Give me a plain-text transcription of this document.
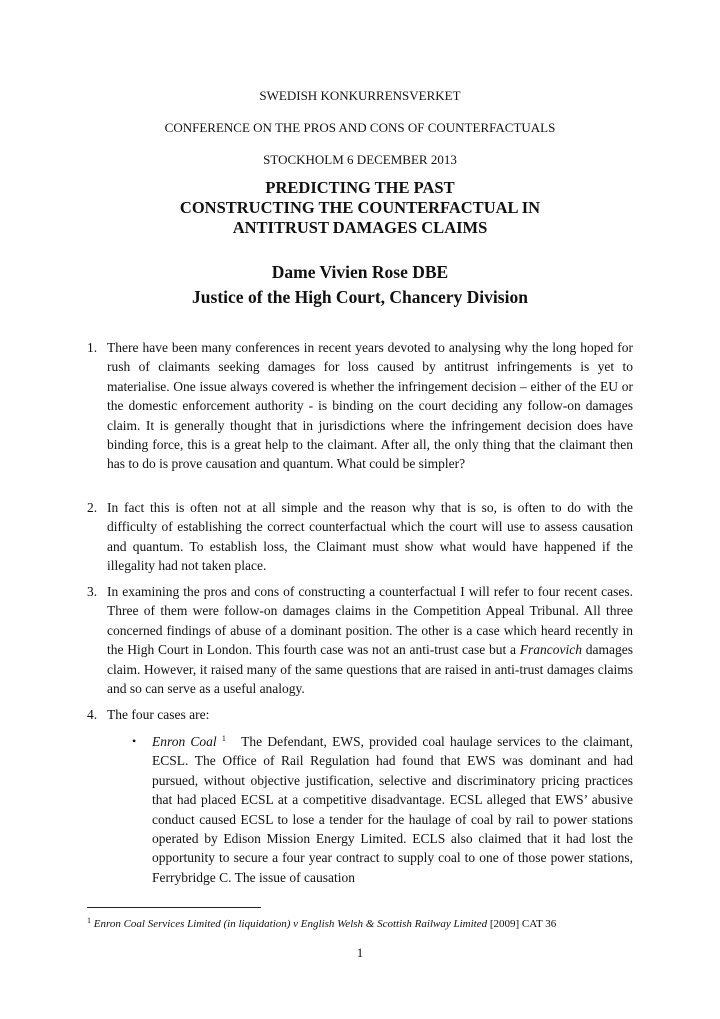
SWEDISH KONKURRENSVERKET
CONFERENCE ON THE PROS AND CONS OF COUNTERFACTUALS
STOCKHOLM 6 DECEMBER 2013
PREDICTING THE PAST
CONSTRUCTING THE COUNTERFACTUAL IN
ANTITRUST DAMAGES CLAIMS
Dame Vivien Rose DBE
Justice of the High Court, Chancery Division
1. There have been many conferences in recent years devoted to analysing why the long hoped for rush of claimants seeking damages for loss caused by antitrust infringements is yet to materialise. One issue always covered is whether the infringement decision – either of the EU or the domestic enforcement authority - is binding on the court deciding any follow-on damages claim. It is generally thought that in jurisdictions where the infringement decision does have binding force, this is a great help to the claimant. After all, the only thing that the claimant then has to do is prove causation and quantum. What could be simpler?
2. In fact this is often not at all simple and the reason why that is so, is often to do with the difficulty of establishing the correct counterfactual which the court will use to assess causation and quantum. To establish loss, the Claimant must show what would have happened if the illegality had not taken place.
3. In examining the pros and cons of constructing a counterfactual I will refer to four recent cases. Three of them were follow-on damages claims in the Competition Appeal Tribunal. All three concerned findings of abuse of a dominant position. The other is a case which heard recently in the High Court in London. This fourth case was not an anti-trust case but a Francovich damages claim. However, it raised many of the same questions that are raised in anti-trust damages claims and so can serve as a useful analogy.
4. The four cases are:
• Enron Coal $^1$ The Defendant, EWS, provided coal haulage services to the claimant, ECSL. The Office of Rail Regulation had found that EWS was dominant and had pursued, without objective justification, selective and discriminatory pricing practices that had placed ECSL at a competitive disadvantage. ECSL alleged that EWS’ abusive conduct caused ECSL to lose a tender for the haulage of coal by rail to power stations operated by Edison Mission Energy Limited. ECLS also claimed that it had lost the opportunity to secure a four year contract to supply coal to one of those power stations, Ferrybridge C. The issue of causation
$^1$ Enron Coal Services Limited (in liquidation) v English Welsh & Scottish Railway Limited [2009] CAT 36
1
